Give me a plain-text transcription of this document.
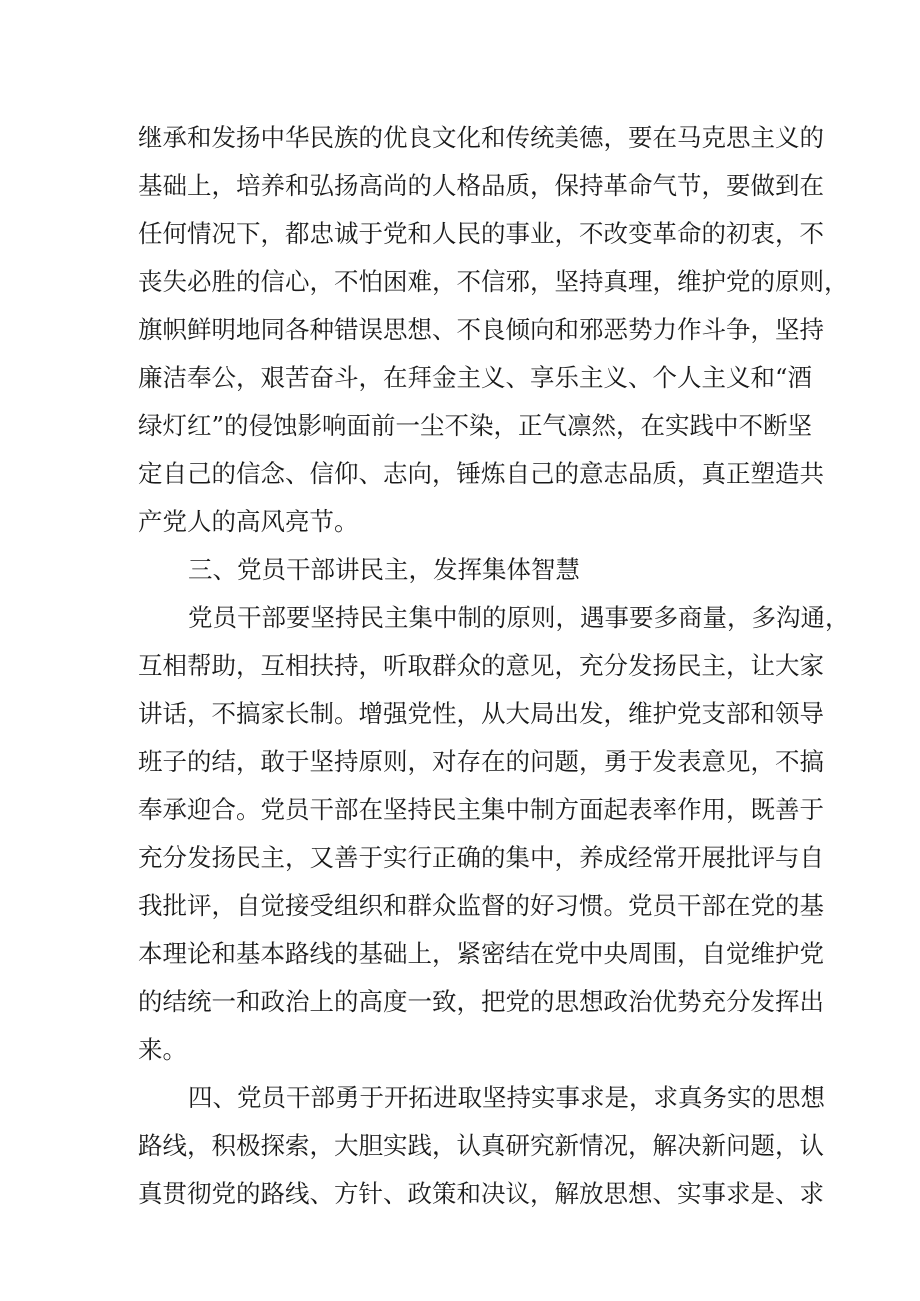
继承和发扬中华民族的优良文化和传统美德，要在马克思主义的
基础上，培养和弘扬高尚的人格品质，保持革命气节，要做到在
任何情况下，都忠诚于党和人民的事业，不改变革命的初衷，不
丧失必胜的信心，不怕困难，不信邪，坚持真理，维护党的原则，
旗帜鲜明地同各种错误思想、不良倾向和邪恶势力作斗争，坚持
廉洁奉公，艰苦奋斗，在拜金主义、享乐主义、个人主义和“酒
绿灯红”的侵蚀影响面前一尘不染，正气凛然，在实践中不断坚
定自己的信念、信仰、志向，锤炼自己的意志品质，真正塑造共
产党人的高风亮节。
三、党员干部讲民主，发挥集体智慧
党员干部要坚持民主集中制的原则，遇事要多商量，多沟通，
互相帮助，互相扶持，听取群众的意见，充分发扬民主，让大家
讲话，不搞家长制。增强党性，从大局出发，维护党支部和领导
班子的结，敢于坚持原则，对存在的问题，勇于发表意见，不搞
奉承迎合。党员干部在坚持民主集中制方面起表率作用，既善于
充分发扬民主，又善于实行正确的集中，养成经常开展批评与自
我批评，自觉接受组织和群众监督的好习惯。党员干部在党的基
本理论和基本路线的基础上，紧密结在党中央周围，自觉维护党
的结统一和政治上的高度一致，把党的思想政治优势充分发挥出
来。
四、党员干部勇于开拓进取坚持实事求是，求真务实的思想
路线，积极探索，大胆实践，认真研究新情况，解决新问题，认
真贯彻党的路线、方针、政策和决议，解放思想、实事求是、求
